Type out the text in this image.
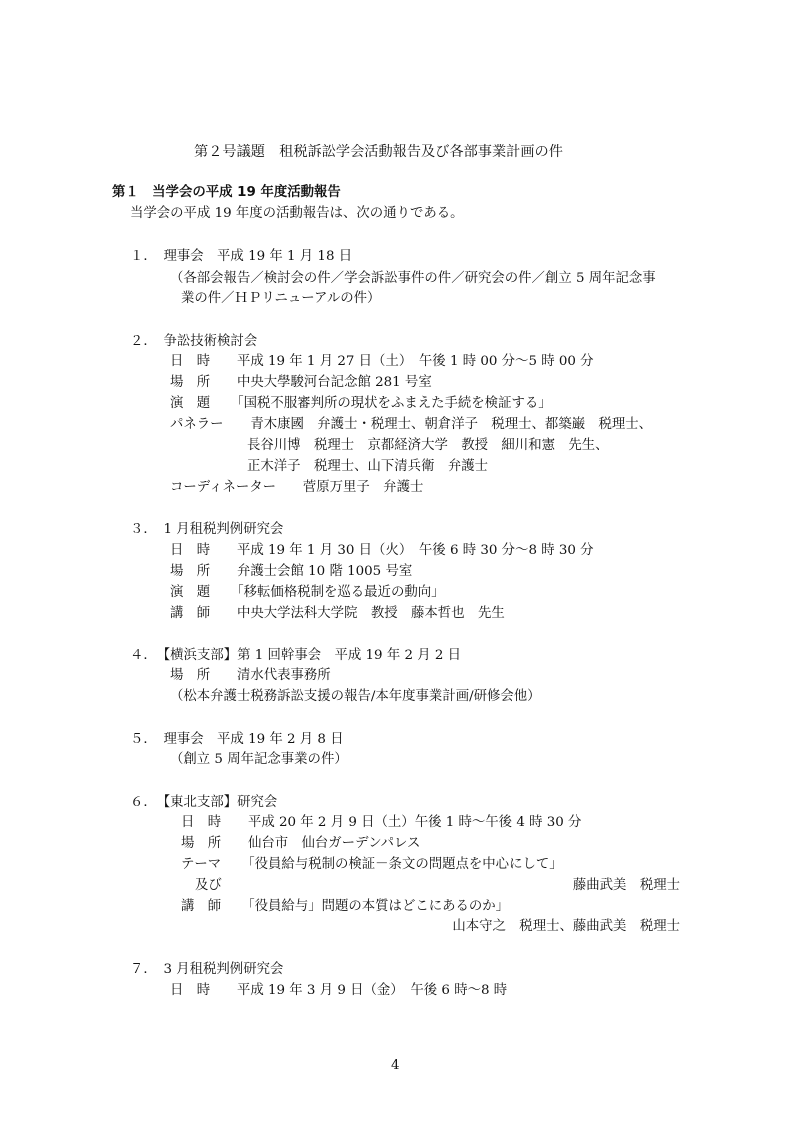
第２号議題　租税訴訟学会活動報告及び各部事業計画の件
第１　当学会の平成 19 年度活動報告
当学会の平成 19 年度の活動報告は、次の通りである。
１．　理事会　平成 19 年 1 月 18 日
（各部会報告／検討会の件／学会訴訟事件の件／研究会の件／創立 5 周年記念事
業の件／ＨＰリニューアルの件）
２．　争訟技術検討会
日　時　　平成 19 年 1 月 27 日（土）　午後 1 時 00 分～5 時 00 分
場　所　　中央大學駿河台記念館 281 号室
演　題　　「国税不服審判所の現状をふまえた手続を検証する」
パネラー　　青木康國　弁護士・税理士、朝倉洋子　税理士、都築巌　税理士、
長谷川博　税理士　京都経済大学　教授　細川和憲　先生、
正木洋子　税理士、山下清兵衛　弁護士
コーディネーター　　菅原万里子　弁護士
３．　1 月租税判例研究会
日　時　　平成 19 年 1 月 30 日（火）　午後 6 時 30 分～8 時 30 分
場　所　　弁護士会館 10 階 1005 号室
演　題　　「移転価格税制を巡る最近の動向」
講　師　　中央大学法科大学院　教授　藤本哲也　先生
４．　【横浜支部】第 1 回幹事会　平成 19 年 2 月 2 日
場　所　　清水代表事務所
（松本弁護士税務訴訟支援の報告/本年度事業計画/研修会他）
５．　理事会　平成 19 年 2 月 8 日
（創立 5 周年記念事業の件）
６．　【東北支部】研究会
日　時　　平成 20 年 2 月 9 日（土）午後 1 時～午後 4 時 30 分
場　所　　仙台市　仙台ガーデンパレス
テーマ　　「役員給与税制の検証－条文の問題点を中心にして」
及び	藤曲武美　税理士
講　師　　「役員給与」問題の本質はどこにあるのか」
山本守之　税理士、藤曲武美　税理士
７．　3 月租税判例研究会
日　時　　平成 19 年 3 月 9 日（金）　午後 6 時～8 時
4
